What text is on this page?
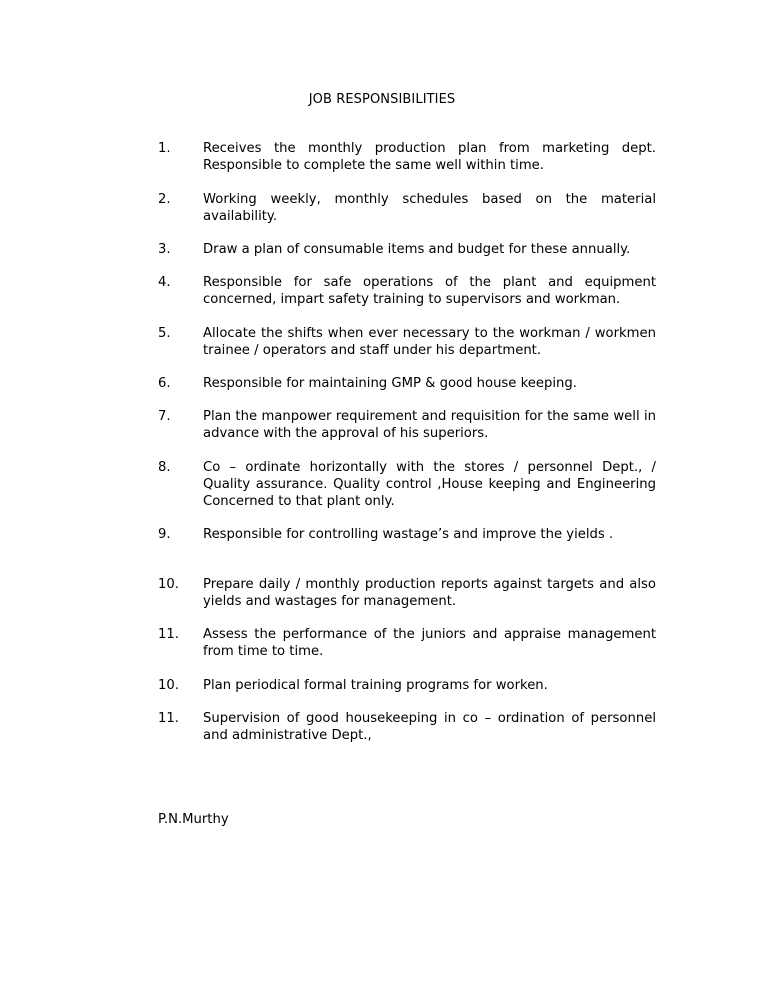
JOB RESPONSIBILITIES
1.	Receives the monthly production plan from marketing dept. Responsible to complete the same well within time.
2.	Working weekly, monthly schedules based on the material availability.
3.	Draw a plan of consumable items and budget for these annually.
4.	Responsible for safe operations of the plant and equipment concerned, impart safety training to supervisors and workman.
5.	Allocate the shifts when ever necessary to the workman / workmen trainee / operators and staff under his department.
6.	Responsible for maintaining GMP & good house keeping.
7.	Plan the manpower requirement and requisition for the same well in advance with the approval of his superiors.
8.	Co – ordinate horizontally with the stores / personnel Dept., / Quality assurance. Quality control ,House keeping and Engineering Concerned to that plant only.
9.	Responsible for controlling wastage’s and improve the yields .
10.	Prepare daily / monthly production reports against targets and also yields and wastages for management.
11.	Assess the performance of the juniors and appraise management from time to time.
10.	Plan periodical formal training programs for worken.
11.	Supervision of good housekeeping in co – ordination of personnel and administrative Dept.,
P.N.Murthy
